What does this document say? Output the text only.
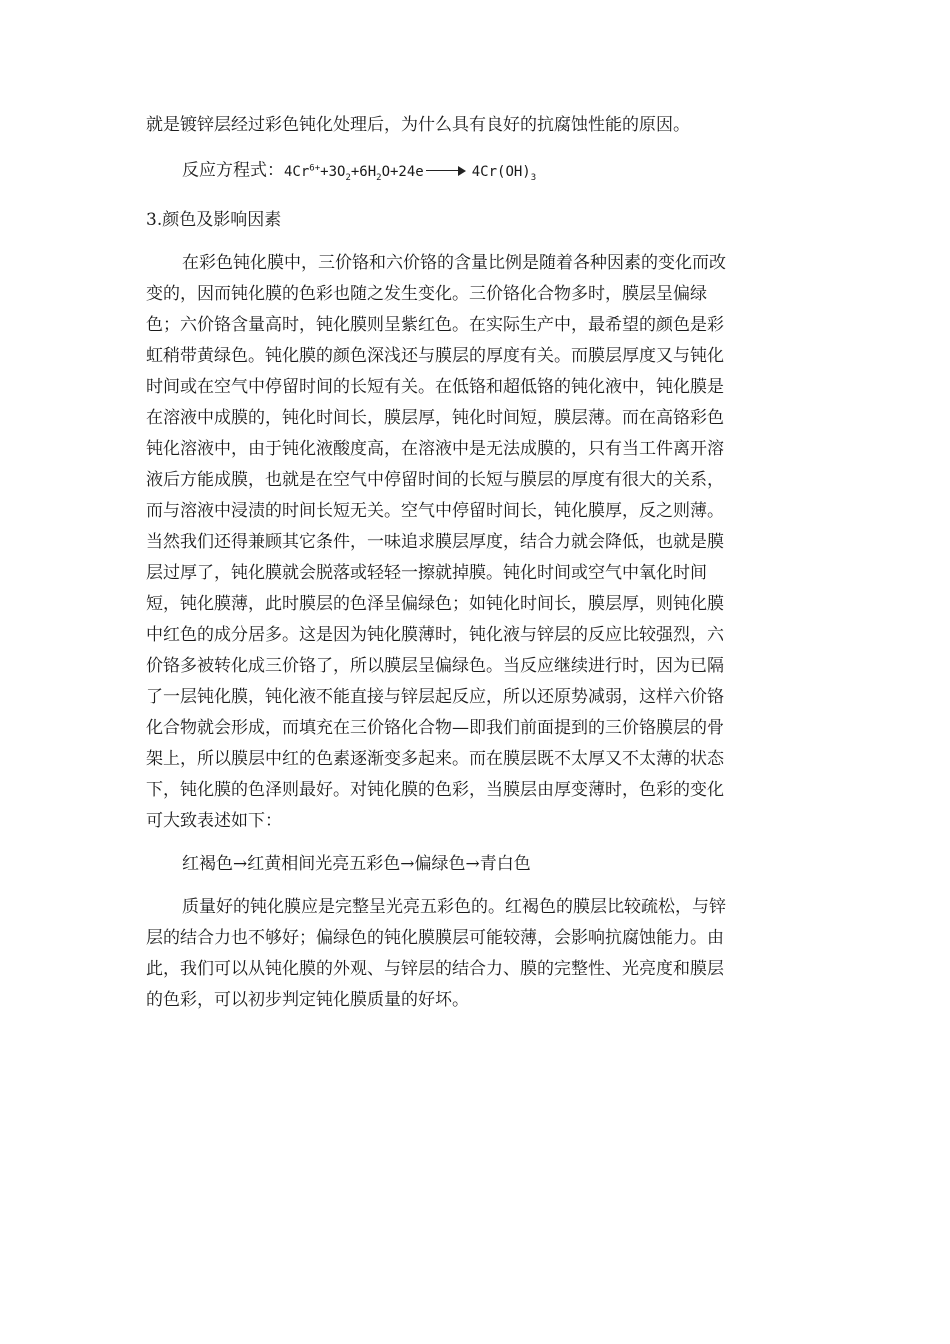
就是镀锌层经过彩色钝化处理后，为什么具有良好的抗腐蚀性能的原因。

反应方程式：$4Cr^{6+}+3O_2+6H_2O+24e$	$4Cr(OH)_3$

3.颜色及影响因素

在彩色钝化膜中，三价铬和六价铬的含量比例是随着各种因素的变化而改

变的，因而钝化膜的色彩也随之发生变化。三价铬化合物多时，膜层呈偏绿

色；六价铬含量高时，钝化膜则呈紫红色。在实际生产中，最希望的颜色是彩

虹稍带黄绿色。钝化膜的颜色深浅还与膜层的厚度有关。而膜层厚度又与钝化

时间或在空气中停留时间的长短有关。在低铬和超低铬的钝化液中，钝化膜是

在溶液中成膜的，钝化时间长，膜层厚，钝化时间短，膜层薄。而在高铬彩色

钝化溶液中，由于钝化液酸度高，在溶液中是无法成膜的，只有当工件离开溶

液后方能成膜，也就是在空气中停留时间的长短与膜层的厚度有很大的关系，

而与溶液中浸渍的时间长短无关。空气中停留时间长，钝化膜厚，反之则薄。

当然我们还得兼顾其它条件，一味追求膜层厚度，结合力就会降低，也就是膜

层过厚了，钝化膜就会脱落或轻轻一擦就掉膜。钝化时间或空气中氧化时间

短，钝化膜薄，此时膜层的色泽呈偏绿色；如钝化时间长，膜层厚，则钝化膜

中红色的成分居多。这是因为钝化膜薄时，钝化液与锌层的反应比较强烈，六

价铬多被转化成三价铬了，所以膜层呈偏绿色。当反应继续进行时，因为已隔

了一层钝化膜，钝化液不能直接与锌层起反应，所以还原势减弱，这样六价铬

化合物就会形成，而填充在三价铬化合物—即我们前面提到的三价铬膜层的骨

架上，所以膜层中红的色素逐渐变多起来。而在膜层既不太厚又不太薄的状态

下，钝化膜的色泽则最好。对钝化膜的色彩，当膜层由厚变薄时，色彩的变化

可大致表述如下：

红褐色→红黄相间光亮五彩色→偏绿色→青白色

质量好的钝化膜应是完整呈光亮五彩色的。红褐色的膜层比较疏松，与锌

层的结合力也不够好；偏绿色的钝化膜膜层可能较薄，会影响抗腐蚀能力。由

此，我们可以从钝化膜的外观、与锌层的结合力、膜的完整性、光亮度和膜层

的色彩，可以初步判定钝化膜质量的好坏。
